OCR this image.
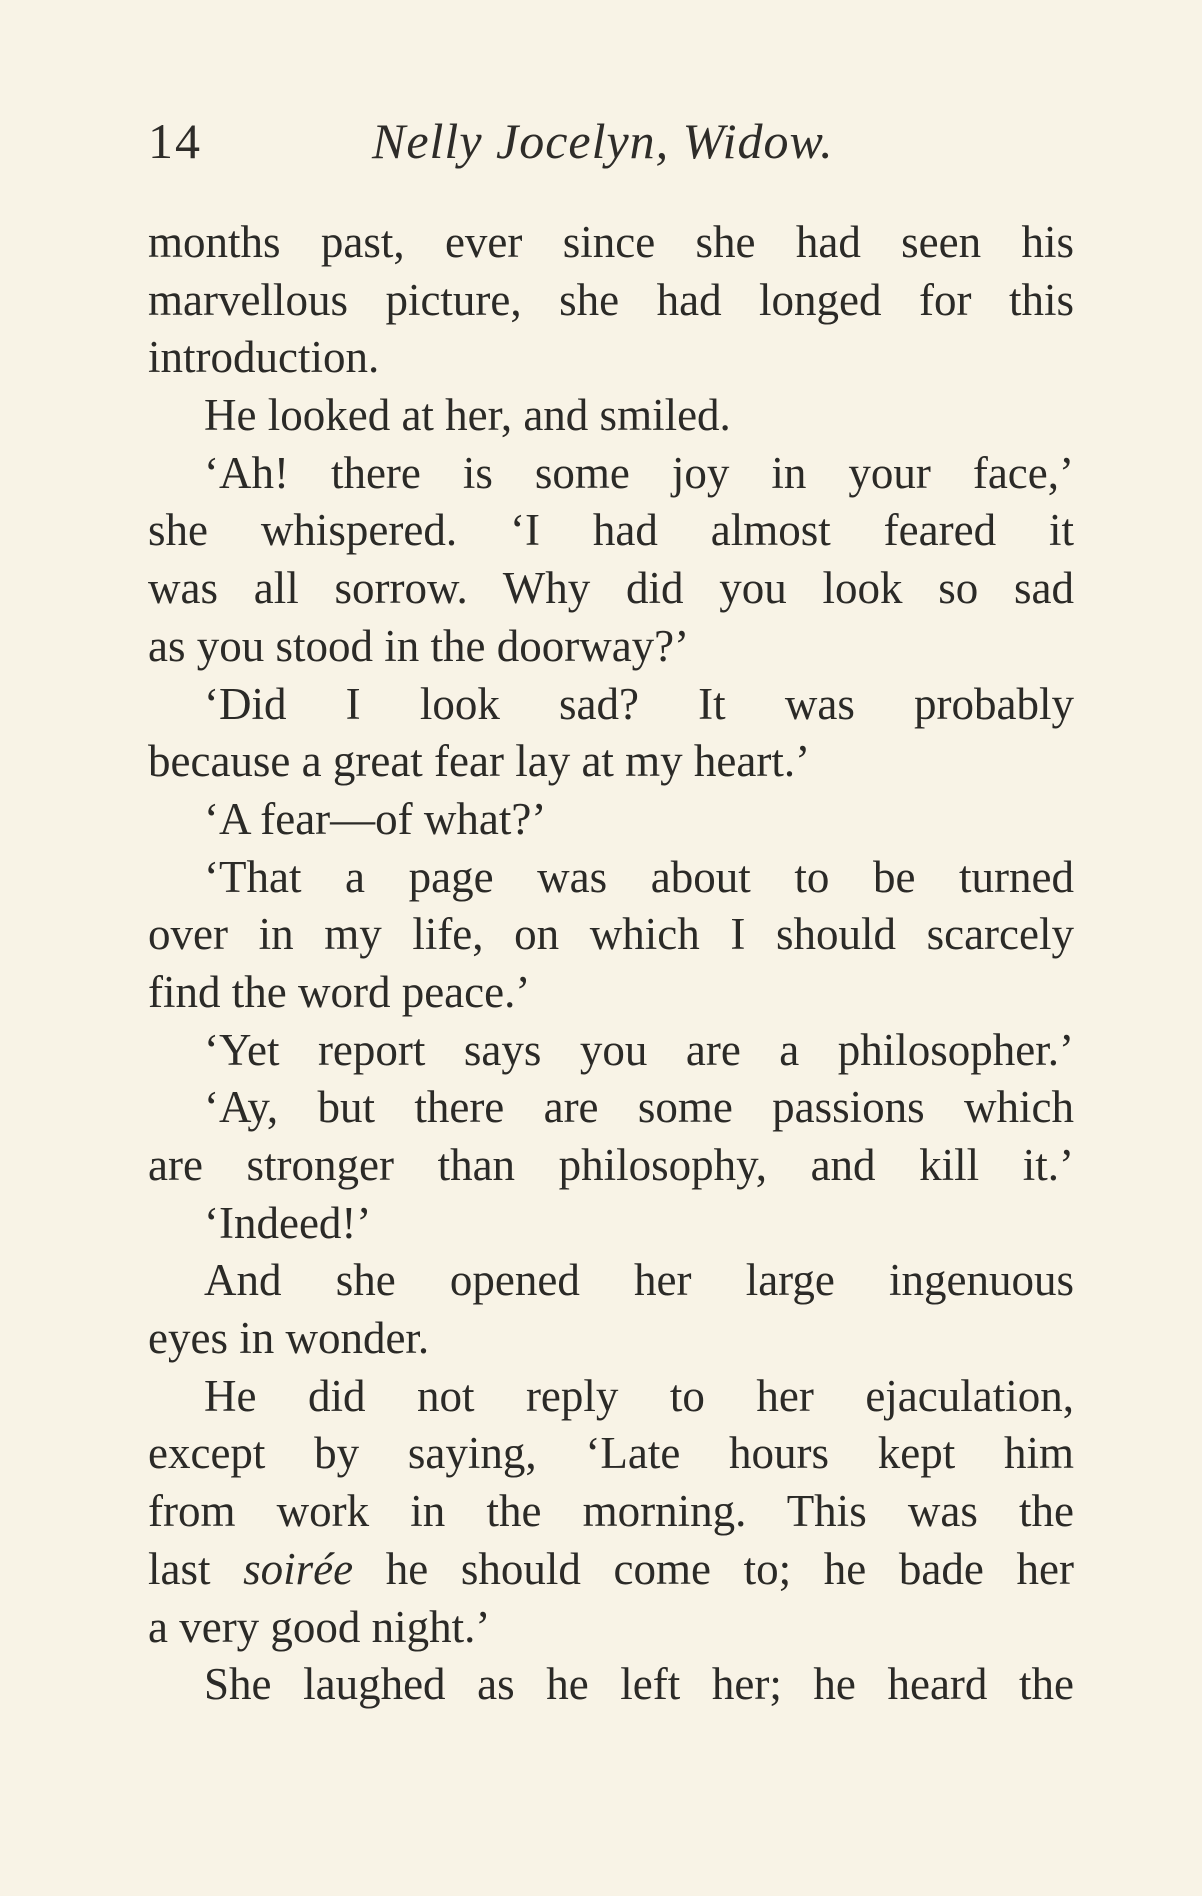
14	Nelly Jocelyn, Widow.
months past, ever since she had seen his
marvellous picture, she had longed for this
introduction.
He looked at her, and smiled.
‘Ah! there is some joy in your face,’
she whispered. ‘I had almost feared it
was all sorrow. Why did you look so sad
as you stood in the doorway?’
‘Did I look sad? It was probably
because a great fear lay at my heart.’
‘A fear—of what?’
‘That a page was about to be turned
over in my life, on which I should scarcely
find the word peace.’
‘Yet report says you are a philosopher.’
‘Ay, but there are some passions which
are stronger than philosophy, and kill it.’
‘Indeed!’
And she opened her large ingenuous
eyes in wonder.
He did not reply to her ejaculation,
except by saying, ‘Late hours kept him
from work in the morning. This was the
last soirée he should come to; he bade her
a very good night.’
She laughed as he left her; he heard the
